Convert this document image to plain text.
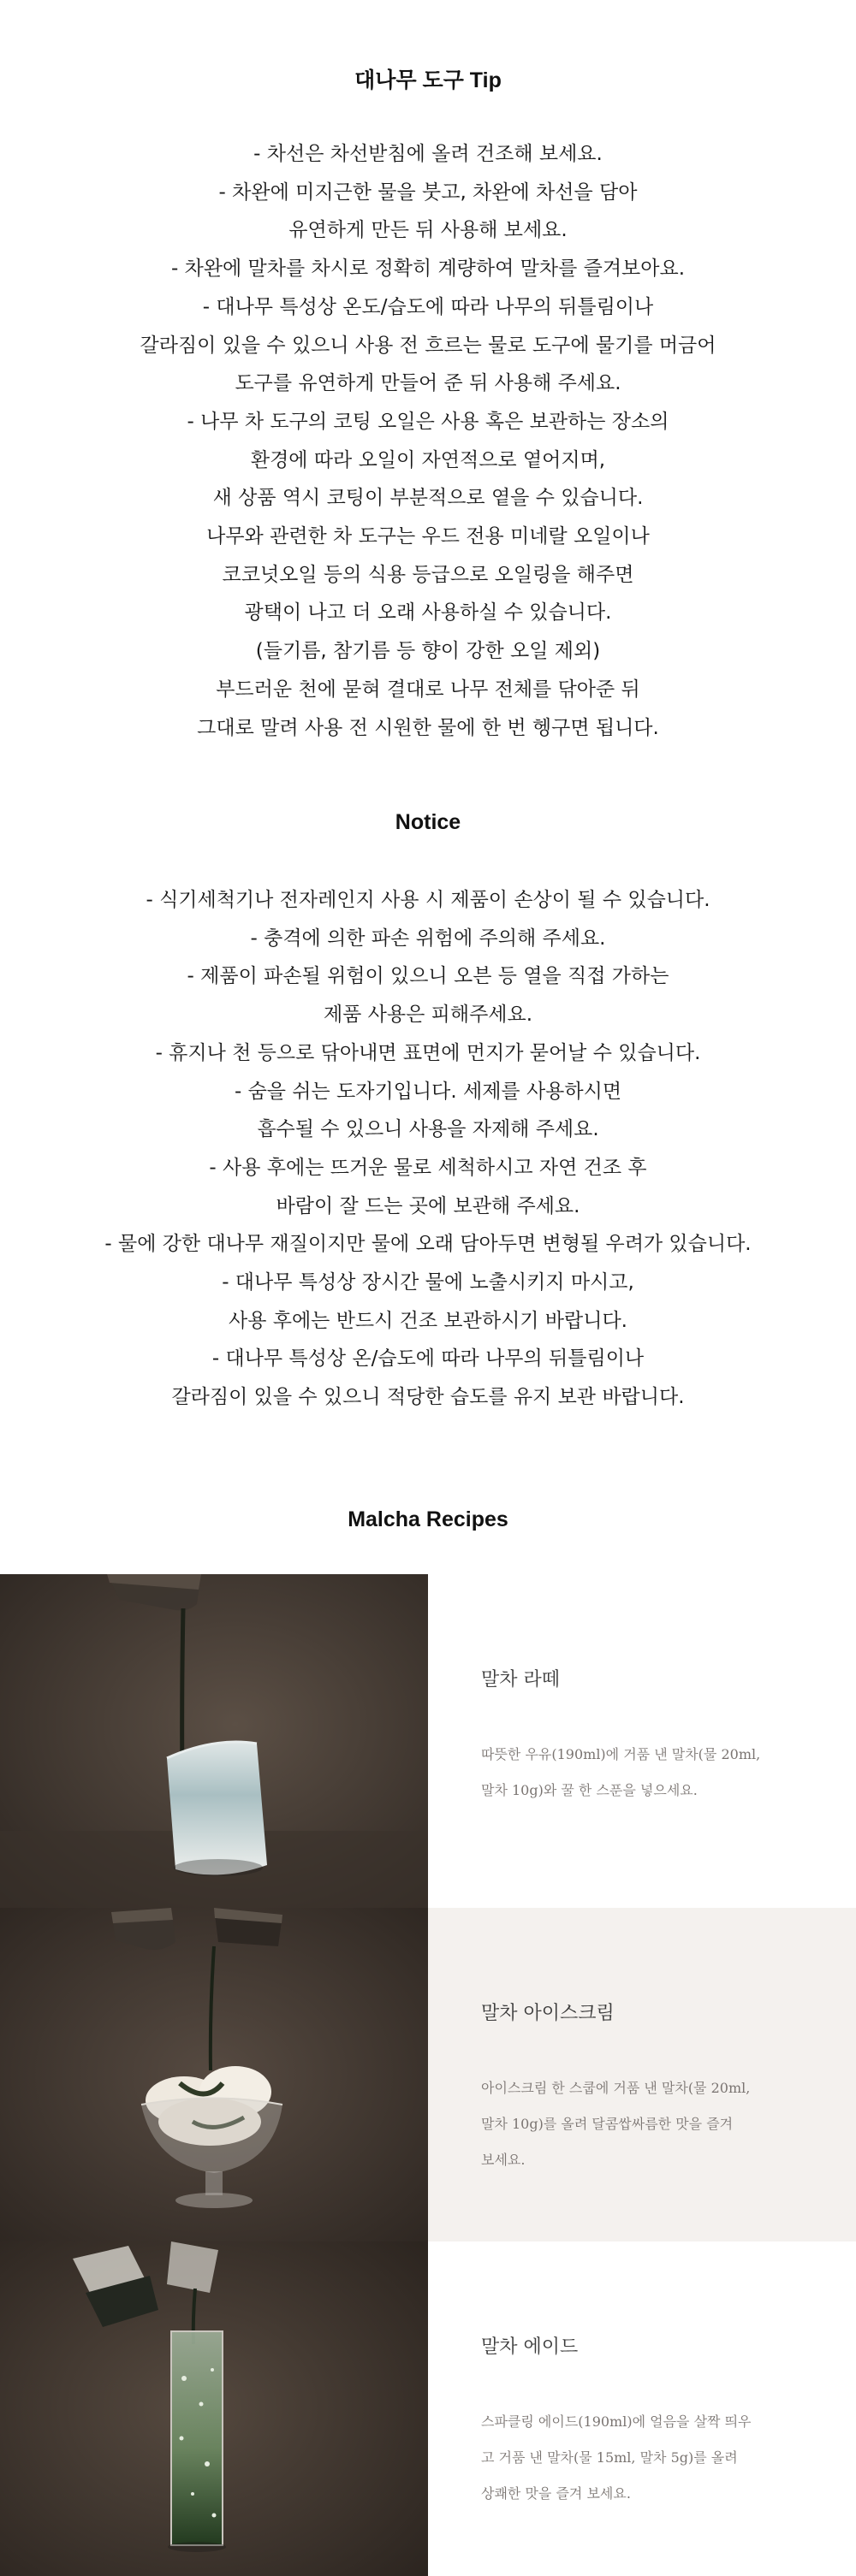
대나무 도구 Tip
- 차선은 차선받침에 올려 건조해 보세요.
- 차완에 미지근한 물을 붓고, 차완에 차선을 담아
유연하게 만든 뒤 사용해 보세요.
- 차완에 말차를 차시로 정확히 계량하여 말차를 즐겨보아요.
- 대나무 특성상 온도/습도에 따라 나무의 뒤틀림이나
갈라짐이 있을 수 있으니 사용 전 흐르는 물로 도구에 물기를 머금어
도구를 유연하게 만들어 준 뒤 사용해 주세요.
- 나무 차 도구의 코팅 오일은 사용 혹은 보관하는 장소의
환경에 따라 오일이 자연적으로 옅어지며,
새 상품 역시 코팅이 부분적으로 옅을 수 있습니다.
나무와 관련한 차 도구는 우드 전용 미네랄 오일이나
코코넛오일 등의 식용 등급으로 오일링을 해주면
광택이 나고 더 오래 사용하실 수 있습니다.
(들기름, 참기름 등 향이 강한 오일 제외)
부드러운 천에 묻혀 결대로 나무 전체를 닦아준 뒤
그대로 말려 사용 전 시원한 물에 한 번 헹구면 됩니다.
Notice
- 식기세척기나 전자레인지 사용 시 제품이 손상이 될 수 있습니다.
- 충격에 의한 파손 위험에 주의해 주세요.
- 제품이 파손될 위험이 있으니 오븐 등 열을 직접 가하는
제품 사용은 피해주세요.
- 휴지나 천 등으로 닦아내면 표면에 먼지가 묻어날 수 있습니다.
- 숨을 쉬는 도자기입니다. 세제를 사용하시면
흡수될 수 있으니 사용을 자제해 주세요.
- 사용 후에는 뜨거운 물로 세척하시고 자연 건조 후
바람이 잘 드는 곳에 보관해 주세요.
- 물에 강한 대나무 재질이지만 물에 오래 담아두면 변형될 우려가 있습니다.
- 대나무 특성상 장시간 물에 노출시키지 마시고,
사용 후에는 반드시 건조 보관하시기 바랍니다.
- 대나무 특성상 온/습도에 따라 나무의 뒤틀림이나
갈라짐이 있을 수 있으니 적당한 습도를 유지 보관 바랍니다.
Malcha Recipes
말차 라떼
따뜻한 우유(190ml)에 거품 낸 말차(물 20ml,
말차 10g)와 꿀 한 스푼을 넣으세요.
말차 아이스크림
아이스크림 한 스쿱에 거품 낸 말차(물 20ml,
말차 10g)를 올려 달콤쌉싸름한 맛을 즐겨
보세요.
말차 에이드
스파클링 에이드(190ml)에 얼음을 살짝 띄우
고 거품 낸 말차(물 15ml, 말차 5g)를 올려
상쾌한 맛을 즐겨 보세요.
